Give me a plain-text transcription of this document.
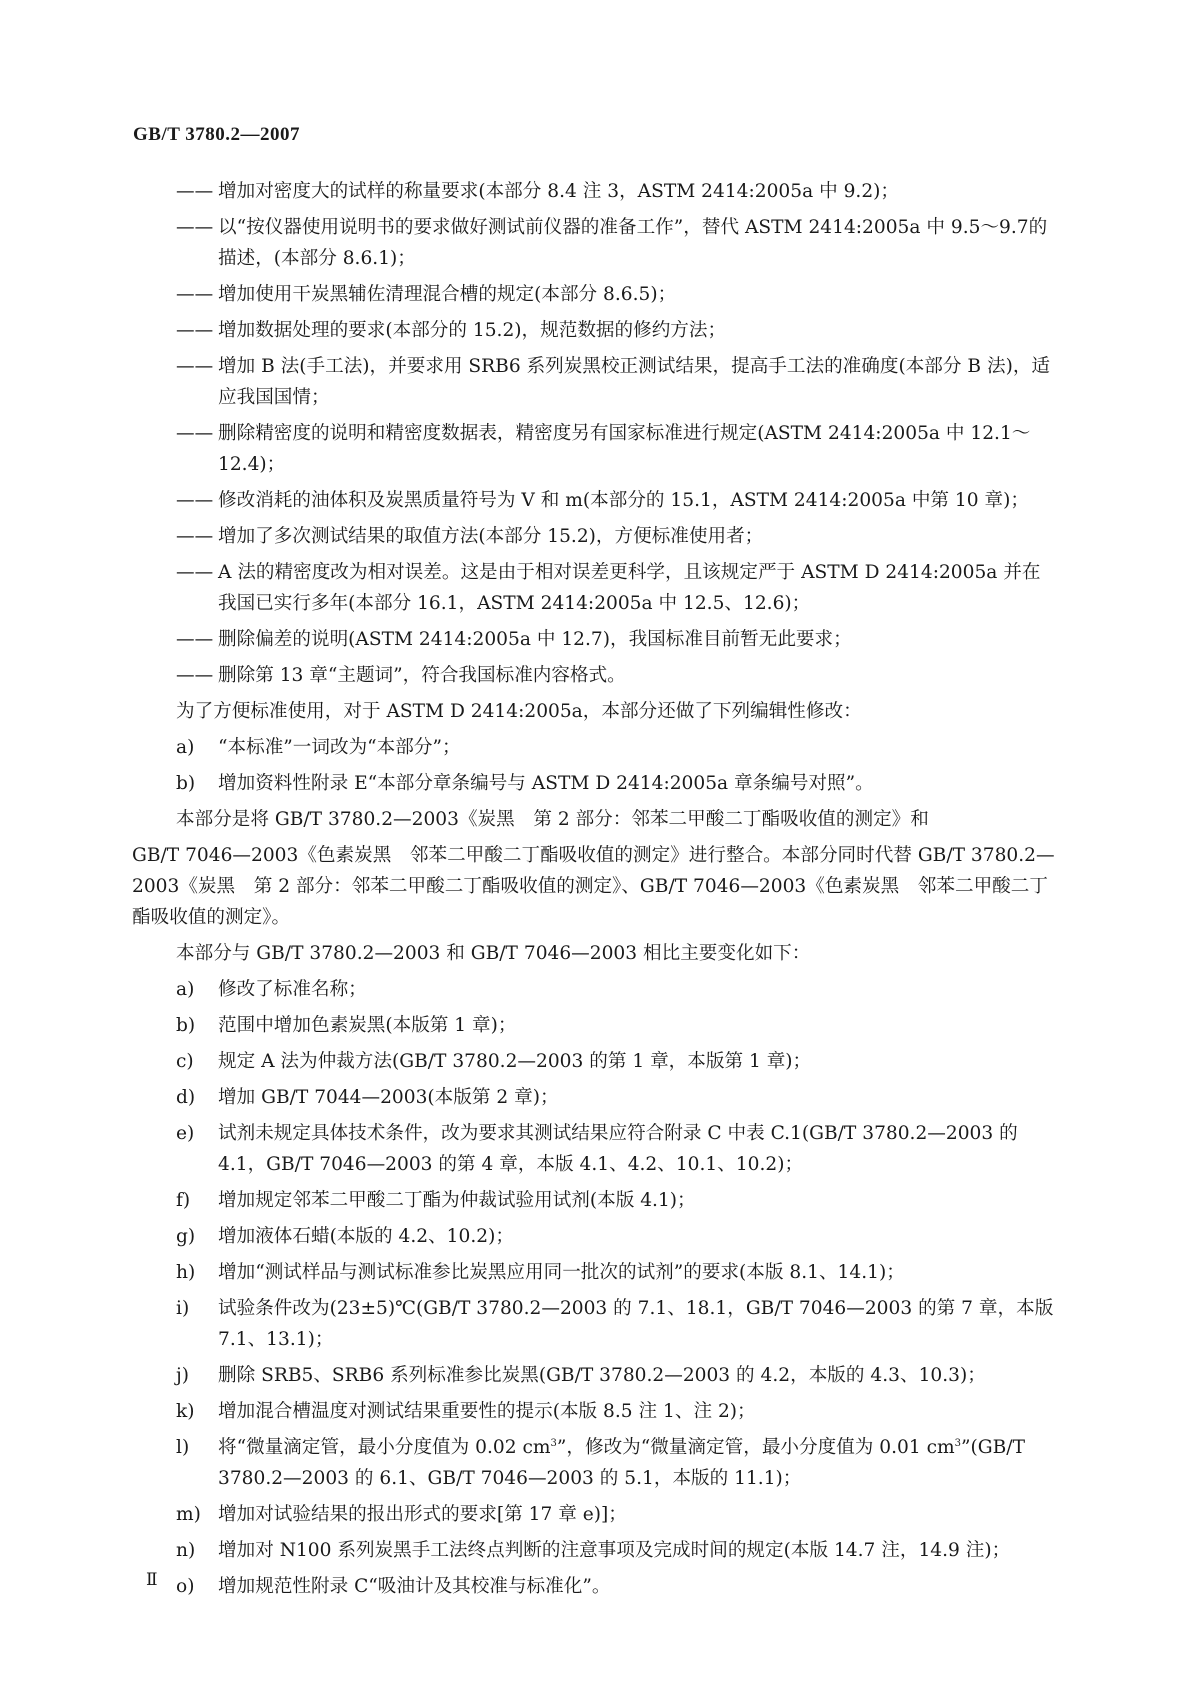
GB/T 3780.2—2007
—— 增加对密度大的试样的称量要求(本部分 8.4 注 3，ASTM 2414:2005a 中 9.2)；
—— 以“按仪器使用说明书的要求做好测试前仪器的准备工作”，替代 ASTM 2414:2005a 中 9.5～9.7的描述，(本部分 8.6.1)；
—— 增加使用干炭黑辅佐清理混合槽的规定(本部分 8.6.5)；
—— 增加数据处理的要求(本部分的 15.2)，规范数据的修约方法；
—— 增加 B 法(手工法)，并要求用 SRB6 系列炭黑校正测试结果，提高手工法的准确度(本部分 B 法)，适应我国国情；
—— 删除精密度的说明和精密度数据表，精密度另有国家标准进行规定(ASTM 2414:2005a 中 12.1～12.4)；
—— 修改消耗的油体积及炭黑质量符号为 V 和 m(本部分的 15.1，ASTM 2414:2005a 中第 10 章)；
—— 增加了多次测试结果的取值方法(本部分 15.2)，方便标准使用者；
—— A 法的精密度改为相对误差。这是由于相对误差更科学，且该规定严于 ASTM D 2414:2005a 并在我国已实行多年(本部分 16.1，ASTM 2414:2005a 中 12.5、12.6)；
—— 删除偏差的说明(ASTM 2414:2005a 中 12.7)，我国标准目前暂无此要求；
—— 删除第 13 章“主题词”，符合我国标准内容格式。
为了方便标准使用，对于 ASTM D 2414:2005a，本部分还做了下列编辑性修改：
a) “本标准”一词改为“本部分”；
b) 增加资料性附录 E“本部分章条编号与 ASTM D 2414:2005a 章条编号对照”。
本部分是将 GB/T 3780.2—2003《炭黑　第 2 部分：邻苯二甲酸二丁酯吸收值的测定》和
GB/T 7046—2003《色素炭黑　邻苯二甲酸二丁酯吸收值的测定》进行整合。本部分同时代替 GB/T 3780.2—2003《炭黑　第 2 部分：邻苯二甲酸二丁酯吸收值的测定》、GB/T 7046—2003《色素炭黑　邻苯二甲酸二丁酯吸收值的测定》。
本部分与 GB/T 3780.2—2003 和 GB/T 7046—2003 相比主要变化如下：
a) 修改了标准名称；
b) 范围中增加色素炭黑(本版第 1 章)；
c) 规定 A 法为仲裁方法(GB/T 3780.2—2003 的第 1 章，本版第 1 章)；
d) 增加 GB/T 7044—2003(本版第 2 章)；
e) 试剂未规定具体技术条件，改为要求其测试结果应符合附录 C 中表 C.1(GB/T 3780.2—2003 的 4.1，GB/T 7046—2003 的第 4 章，本版 4.1、4.2、10.1、10.2)；
f) 增加规定邻苯二甲酸二丁酯为仲裁试验用试剂(本版 4.1)；
g) 增加液体石蜡(本版的 4.2、10.2)；
h) 增加“测试样品与测试标准参比炭黑应用同一批次的试剂”的要求(本版 8.1、14.1)；
i) 试验条件改为(23±5)℃(GB/T 3780.2—2003 的 7.1、18.1，GB/T 7046—2003 的第 7 章，本版 7.1、13.1)；
j) 删除 SRB5、SRB6 系列标准参比炭黑(GB/T 3780.2—2003 的 4.2，本版的 4.3、10.3)；
k) 增加混合槽温度对测试结果重要性的提示(本版 8.5 注 1、注 2)；
l) 将“微量滴定管，最小分度值为 0.02 $cm^3$”，修改为“微量滴定管，最小分度值为 0.01 $cm^3”(GB/T$ 3780.2—2003 的 6.1、GB/T 7046—2003 的 5.1，本版的 11.1)；
m) 增加对试验结果的报出形式的要求[第 17 章 e)]；
n) 增加对 N100 系列炭黑手工法终点判断的注意事项及完成时间的规定(本版 14.7 注，14.9 注)；
o) 增加规范性附录 C“吸油计及其校准与标准化”。
Ⅱ
